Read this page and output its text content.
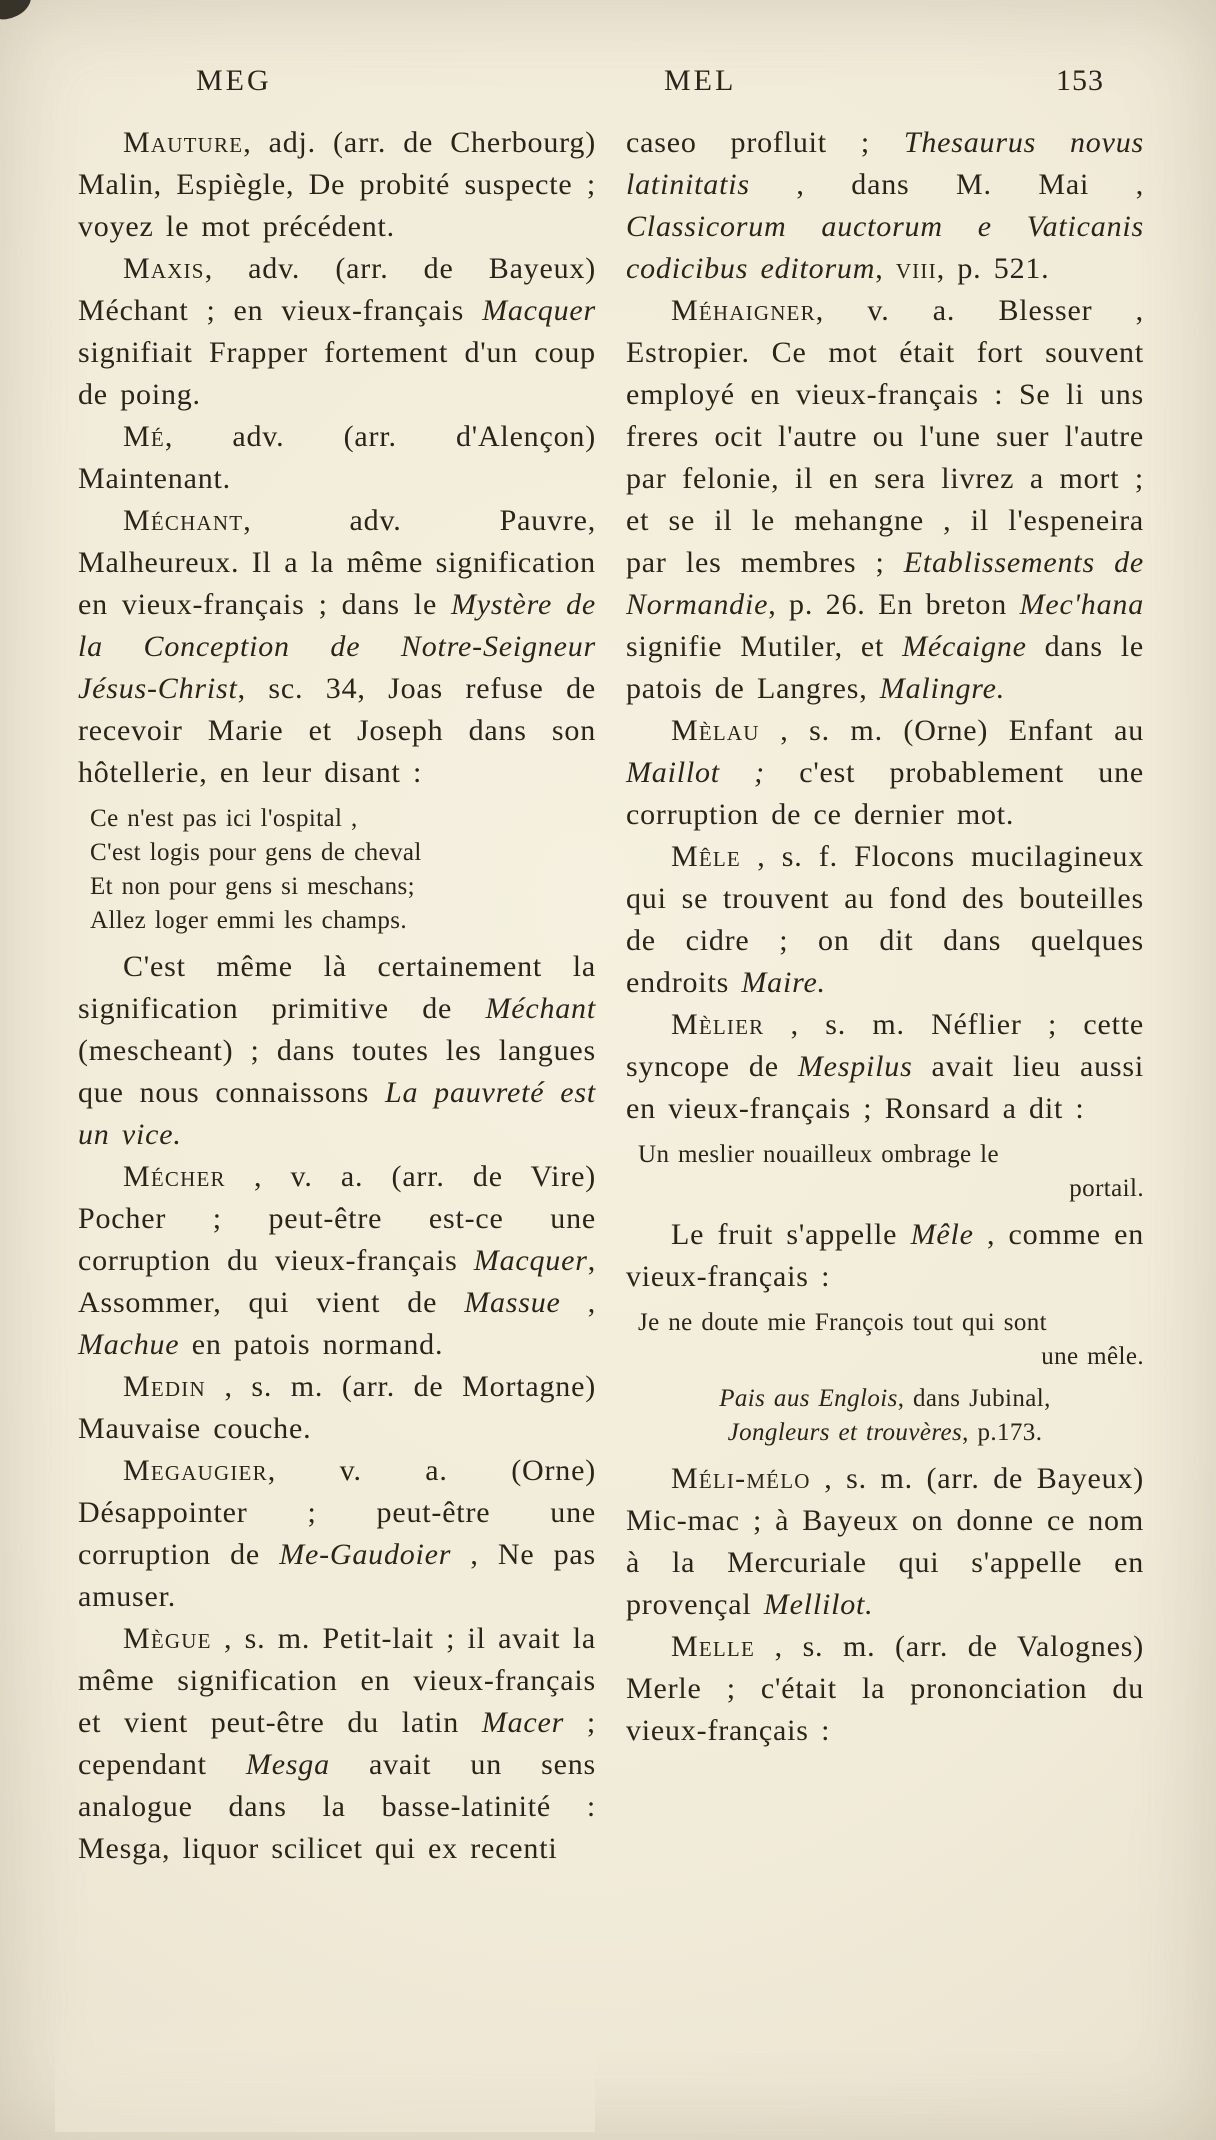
MEG	MEL	153
Mauture, adj. (arr. de Cherbourg) Malin, Espiègle, De probité suspecte ; voyez le mot précédent.
Maxis, adv. (arr. de Bayeux) Méchant ; en vieux-français Macquer signifiait Frapper fortement d'un coup de poing.
Mé, adv. (arr. d'Alençon) Maintenant.
Méchant, adv. Pauvre, Malheureux. Il a la même signification en vieux-français ; dans le Mystère de la Conception de Notre-Seigneur Jésus-Christ, sc. 34, Joas refuse de recevoir Marie et Joseph dans son hôtellerie, en leur disant :
Ce n'est pas ici l'ospital ,
C'est logis pour gens de cheval
Et non pour gens si meschans;
Allez loger emmi les champs.
C'est même là certainement la signification primitive de Méchant (mescheant) ; dans toutes les langues que nous connaissons La pauvreté est un vice.
Mécher , v. a. (arr. de Vire) Pocher ; peut-être est-ce une corruption du vieux-français Macquer, Assommer, qui vient de Massue , Machue en patois normand.
Medin , s. m. (arr. de Mortagne) Mauvaise couche.
Megaugier, v. a. (Orne) Désappointer ; peut-être une corruption de Me-Gaudoier , Ne pas amuser.
Mègue , s. m. Petit-lait ; il avait la même signification en vieux-français et vient peut-être du latin Macer ; cependant Mesga avait un sens analogue dans la basse-latinité : Mesga, liquor scilicet qui ex recenti
caseo profluit ; Thesaurus novus latinitatis , dans M. Mai , Classicorum auctorum e Vaticanis codicibus editorum, viii, p. 521.
Méhaigner, v. a. Blesser , Estropier. Ce mot était fort souvent employé en vieux-français : Se li uns freres ocit l'autre ou l'une suer l'autre par felonie, il en sera livrez a mort ; et se il le mehangne , il l'espeneira par les membres ; Etablissements de Normandie, p. 26. En breton Mec'hana signifie Mutiler, et Mécaigne dans le patois de Langres, Malingre.
Mèlau , s. m. (Orne) Enfant au Maillot ; c'est probablement une corruption de ce dernier mot.
Mêle , s. f. Flocons mucilagineux qui se trouvent au fond des bouteilles de cidre ; on dit dans quelques endroits Maire.
Mèlier , s. m. Néflier ; cette syncope de Mespilus avait lieu aussi en vieux-français ; Ronsard a dit :
Un meslier nouailleux ombrage le
portail.
Le fruit s'appelle Mêle , comme en vieux-français :
Je ne doute mie François tout qui sont
une mêle.
Pais aus Englois, dans Jubinal,
Jongleurs et trouvères, p.173.
Méli-mélo , s. m. (arr. de Bayeux) Mic-mac ; à Bayeux on donne ce nom à la Mercuriale qui s'appelle en provençal Mellilot.
Melle , s. m. (arr. de Valognes) Merle ; c'était la prononciation du vieux-français :
